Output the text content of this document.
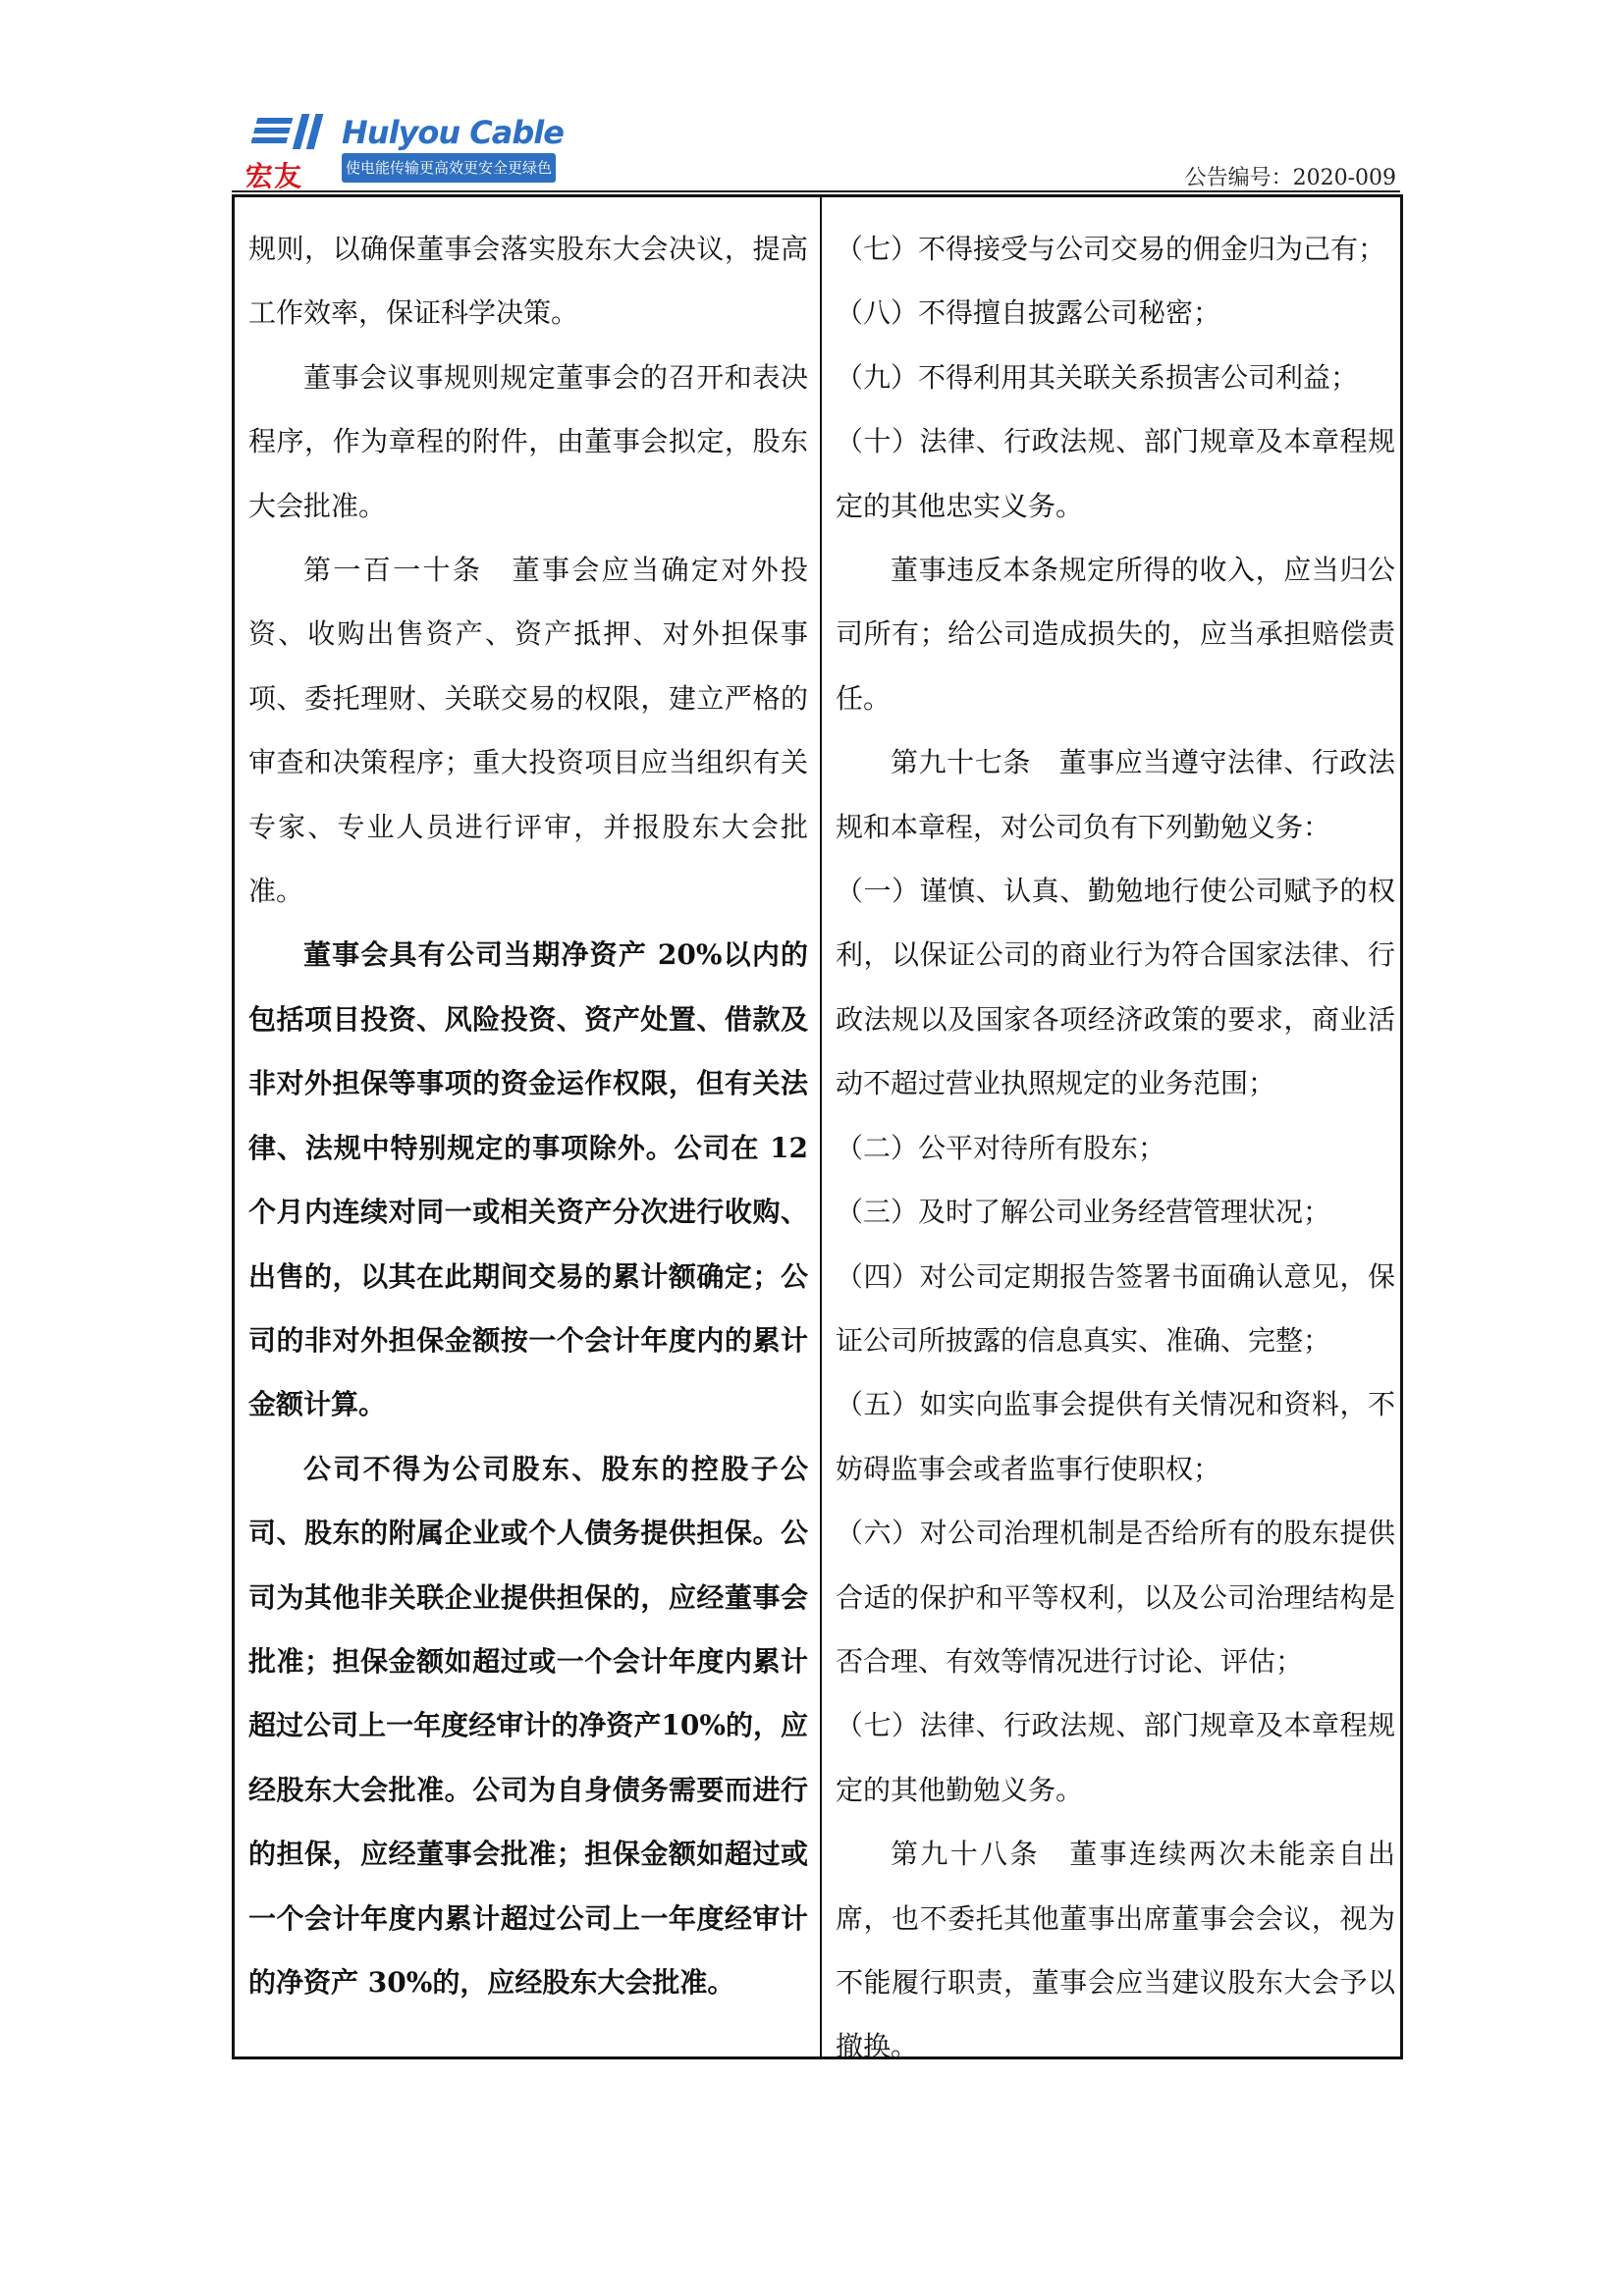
宏友
Hulyou Cable
使电能传输更高效更安全更绿色	公告编号：2020-009

规则，以确保董事会落实股东大会决议，提高工作效率，保证科学决策。

董事会议事规则规定董事会的召开和表决程序，作为章程的附件，由董事会拟定，股东大会批准。

第一百一十条　董事会应当确定对外投资、收购出售资产、资产抵押、对外担保事项、委托理财、关联交易的权限，建立严格的审查和决策程序；重大投资项目应当组织有关专家、专业人员进行评审，并报股东大会批准。

董事会具有公司当期净资产 20%以内的包括项目投资、风险投资、资产处置、借款及非对外担保等事项的资金运作权限，但有关法律、法规中特别规定的事项除外。公司在 12 个月内连续对同一或相关资产分次进行收购、出售的，以其在此期间交易的累计额确定；公司的非对外担保金额按一个会计年度内的累计金额计算。

公司不得为公司股东、股东的控股子公司、股东的附属企业或个人债务提供担保。公司为其他非关联企业提供担保的，应经董事会批准；担保金额如超过或一个会计年度内累计超过公司上一年度经审计的净资产10%的，应经股东大会批准。公司为自身债务需要而进行的担保，应经董事会批准；担保金额如超过或一个会计年度内累计超过公司上一年度经审计的净资产 30%的，应经股东大会批准。

（七）不得接受与公司交易的佣金归为己有；

（八）不得擅自披露公司秘密；

（九）不得利用其关联关系损害公司利益；

（十）法律、行政法规、部门规章及本章程规定的其他忠实义务。

董事违反本条规定所得的收入，应当归公司所有；给公司造成损失的，应当承担赔偿责任。

第九十七条　董事应当遵守法律、行政法规和本章程，对公司负有下列勤勉义务：

（一）谨慎、认真、勤勉地行使公司赋予的权利，以保证公司的商业行为符合国家法律、行政法规以及国家各项经济政策的要求，商业活动不超过营业执照规定的业务范围；

（二）公平对待所有股东；

（三）及时了解公司业务经营管理状况；

（四）对公司定期报告签署书面确认意见，保证公司所披露的信息真实、准确、完整；

（五）如实向监事会提供有关情况和资料，不妨碍监事会或者监事行使职权；

（六）对公司治理机制是否给所有的股东提供合适的保护和平等权利，以及公司治理结构是否合理、有效等情况进行讨论、评估；

（七）法律、行政法规、部门规章及本章程规定的其他勤勉义务。

第九十八条　董事连续两次未能亲自出席，也不委托其他董事出席董事会会议，视为不能履行职责，董事会应当建议股东大会予以撤换。
